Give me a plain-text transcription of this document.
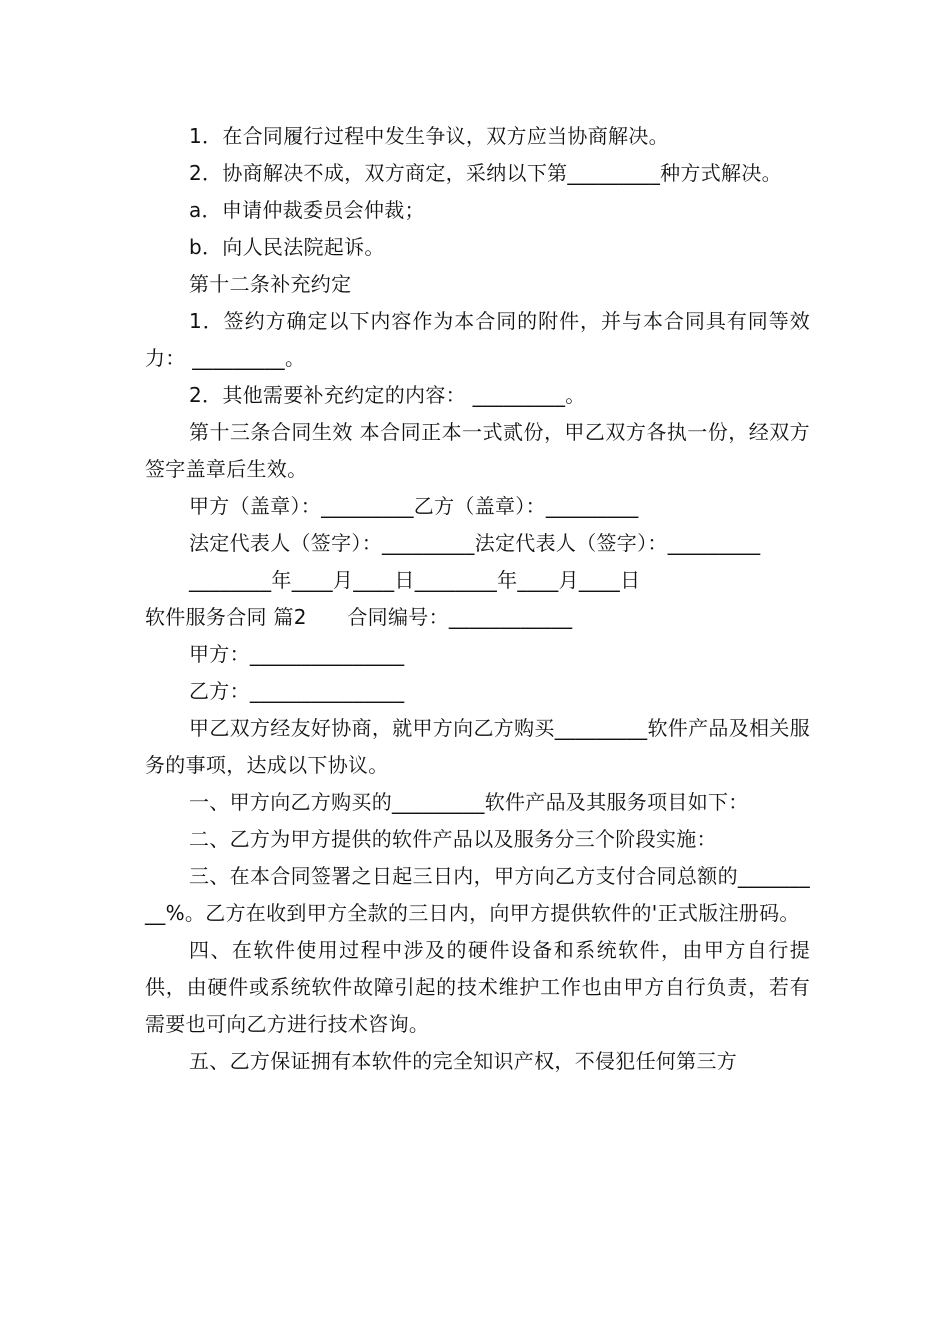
1．在合同履行过程中发生争议，双方应当协商解决。

2．协商解决不成，双方商定，采纳以下第_________种方式解决。

a．申请仲裁委员会仲裁；

b．向人民法院起诉。

第十二条补充约定

1．签约方确定以下内容作为本合同的附件，并与本合同具有同等效力： _________。

2．其他需要补充约定的内容： _________。

第十三条合同生效 本合同正本一式贰份，甲乙双方各执一份，经双方签字盖章后生效。

甲方（盖章）：_________乙方（盖章）：_________

法定代表人（签字）：_________法定代表人（签字）：_________

________年____月____日________年____月____日

软件服务合同 篇2　　合同编号：____________

甲方：_______________

乙方：_______________

甲乙双方经友好协商，就甲方向乙方购买_________软件产品及相关服务的事项，达成以下协议。

一、甲方向乙方购买的_________软件产品及其服务项目如下：

二、乙方为甲方提供的软件产品以及服务分三个阶段实施：

三、在本合同签署之日起三日内，甲方向乙方支付合同总额的_________%。乙方在收到甲方全款的三日内，向甲方提供软件的'正式版注册码。

四、在软件使用过程中涉及的硬件设备和系统软件，由甲方自行提供，由硬件或系统软件故障引起的技术维护工作也由甲方自行负责，若有需要也可向乙方进行技术咨询。

五、乙方保证拥有本软件的完全知识产权，不侵犯任何第三方
